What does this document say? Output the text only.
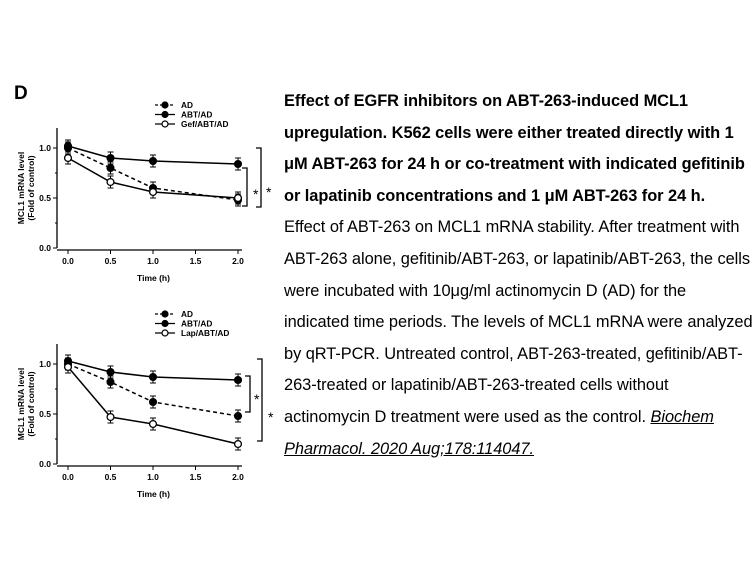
D
0.0
0.5
1.0
0.0	0.5	1.0	1.5	2.0
Time (h)
MCL1 mRNA level (Fold of control)
AD
ABT/AD
Gef/ABT/AD
* *
0.0
0.5
1.0
0.0	0.5	1.0	1.5	2.0
Time (h)
MCL1 mRNA level (Fold of control)
AD
ABT/AD
Lap/ABT/AD
*
*
Effect of EGFR inhibitors on ABT-263-induced MCL1 upregulation. K562 cells were either treated directly with 1 μM ABT-263 for 24 h or co-treatment with indicated gefitinib or lapatinib concentrations and 1 μM ABT-263 for 24 h.
Effect of ABT-263 on MCL1 mRNA stability. After treatment with ABT-263 alone, gefitinib/ABT-263, or lapatinib/ABT-263, the cells were incubated with 10μg/ml actinomycin D (AD) for the indicated time periods. The levels of MCL1 mRNA were analyzed by qRT-PCR. Untreated control, ABT-263-treated, gefitinib/ABT-263-treated or lapatinib/ABT-263-treated cells without actinomycin D treatment were used as the control. Biochem Pharmacol. 2020 Aug;178:114047.
